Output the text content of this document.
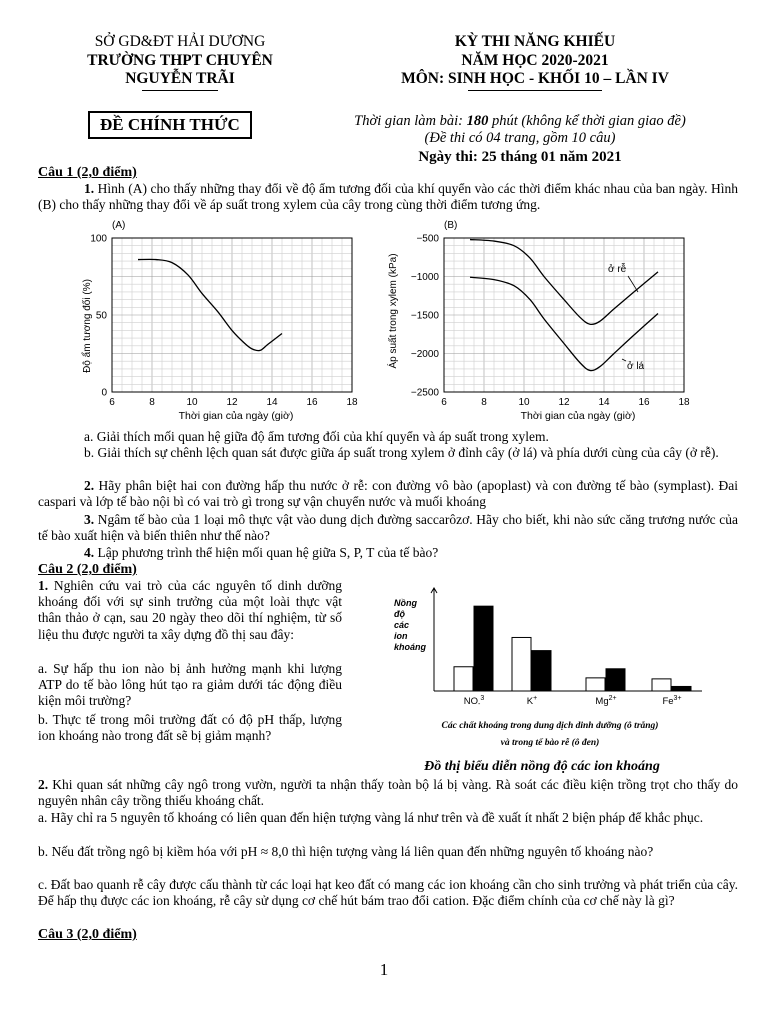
SỞ GD&ĐT HẢI DƯƠNG
TRƯỜNG THPT CHUYÊN
NGUYỄN TRÃI
KỲ THI NĂNG KHIẾU
NĂM HỌC 2020-2021
MÔN: SINH HỌC - KHỐI 10 – LẦN IV
ĐỀ CHÍNH THỨC	Thời gian làm bài: 180 phút (không kể thời gian giao đề)
(Đề thi có 04 trang, gồm 10 câu)
Ngày thi: 25 tháng 01 năm 2021
Câu 1 (2,0 điểm)

1. Hình (A) cho thấy những thay đổi về độ ẩm tương đối của khí quyển vào các thời điểm khác nhau của ban ngày. Hình (B) cho thấy những thay đổi về áp suất trong xylem của cây trong cùng thời điểm tương ứng.

(A)
6	8	10	12	14	16	18
0
50
100
Độ ẩm tương đối (%)
Thời gian của ngày (giờ)
(B)
6	8	10	12	14	16	18
−500
−1000
−1500
−2000
−2500
ở rễ
ở lá
Áp suất trong xylem (kPa)
Thời gian của ngày (giờ)

a. Giải thích mối quan hệ giữa độ ẩm tương đối của khí quyển và áp suất trong xylem.

b. Giải thích sự chênh lệch quan sát được giữa áp suất trong xylem ở đỉnh cây (ở lá) và phía dưới cùng của cây (ở rễ).

2. Hãy phân biệt hai con đường hấp thu nước ở rễ: con đường vô bào (apoplast) và con đường tế bào (symplast). Đai caspari và lớp tế bào nội bì có vai trò gì trong sự vận chuyển nước và muối khoáng

3. Ngâm tế bào của 1 loại mô thực vật vào dung dịch đường saccarôzơ. Hãy cho biết, khi nào sức căng trương nước của tế bào xuất hiện và biến thiên như thế nào?

4. Lập phương trình thể hiện mối quan hệ giữa S, P, T của tế bào?

Câu 2 (2,0 điểm)

1. Nghiên cứu vai trò của các nguyên tố dinh dưỡng khoáng đối với sự sinh trưởng của một loài thực vật thân thảo ở cạn, sau 20 ngày theo dõi thí nghiệm, từ số liệu thu được người ta xây dựng đồ thị sau đây:

a. Sự hấp thu ion nào bị ảnh hưởng mạnh khi lượng ATP do tế bào lông hút tạo ra giảm dưới tác động điều kiện môi trường?

b. Thực tế trong môi trường đất có độ pH thấp, lượng ion khoáng nào trong đất sẽ bị giảm mạnh?

$NO_-^3$	K+	$Mg^{2+}$	$Fe^{3+}$
Nồng độ các ion khoáng
Các chất khoáng trong dung dịch dinh dưỡng (ô trắng)
và trong tế bào rễ (ô đen)
Đồ thị biểu diễn nồng độ các ion khoáng

2. Khi quan sát những cây ngô trong vườn, người ta nhận thấy toàn bộ lá bị vàng. Rà soát các điều kiện trồng trọt cho thấy do nguyên nhân cây trồng thiếu khoáng chất.

a. Hãy chỉ ra 5 nguyên tố khoáng có liên quan đến hiện tượng vàng lá như trên và đề xuất ít nhất 2 biện pháp để khắc phục.

b. Nếu đất trồng ngô bị kiềm hóa với pH ≈ 8,0 thì hiện tượng vàng lá liên quan đến những nguyên tố khoáng nào?

c. Đất bao quanh rễ cây được cấu thành từ các loại hạt keo đất có mang các ion khoáng cần cho sinh trưởng và phát triển của cây. Để hấp thụ được các ion khoáng, rễ cây sử dụng cơ chế hút bám trao đổi cation. Đặc điểm chính của cơ chế này là gì?

Câu 3 (2,0 điểm)
1
